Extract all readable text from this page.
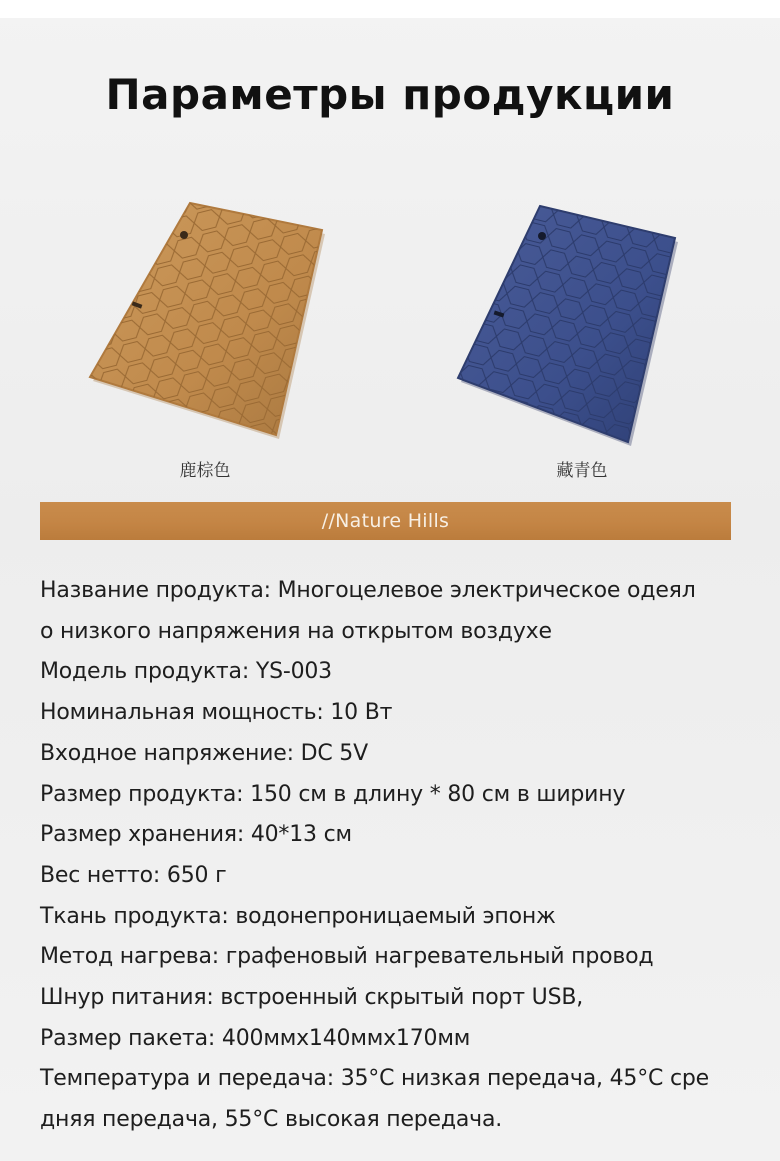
Параметры продукции
鹿棕色	藏青色
//Nature Hills
Название продукта: Многоцелевое электрическое одеял
о низкого напряжения на открытом воздухе
Модель продукта: YS-003
Номинальная мощность: 10 Вт
Входное напряжение: DC 5V
Размер продукта: 150 см в длину * 80 см в ширину
Размер хранения: 40*13 см
Вес нетто: 650 г
Ткань продукта: водонепроницаемый эпонж
Метод нагрева: графеновый нагревательный провод
Шнур питания: встроенный скрытый порт USB,
Размер пакета: 400ммx140ммx170мм
Температура и передача: 35°C низкая передача, 45°C сре
дняя передача, 55°C высокая передача.
